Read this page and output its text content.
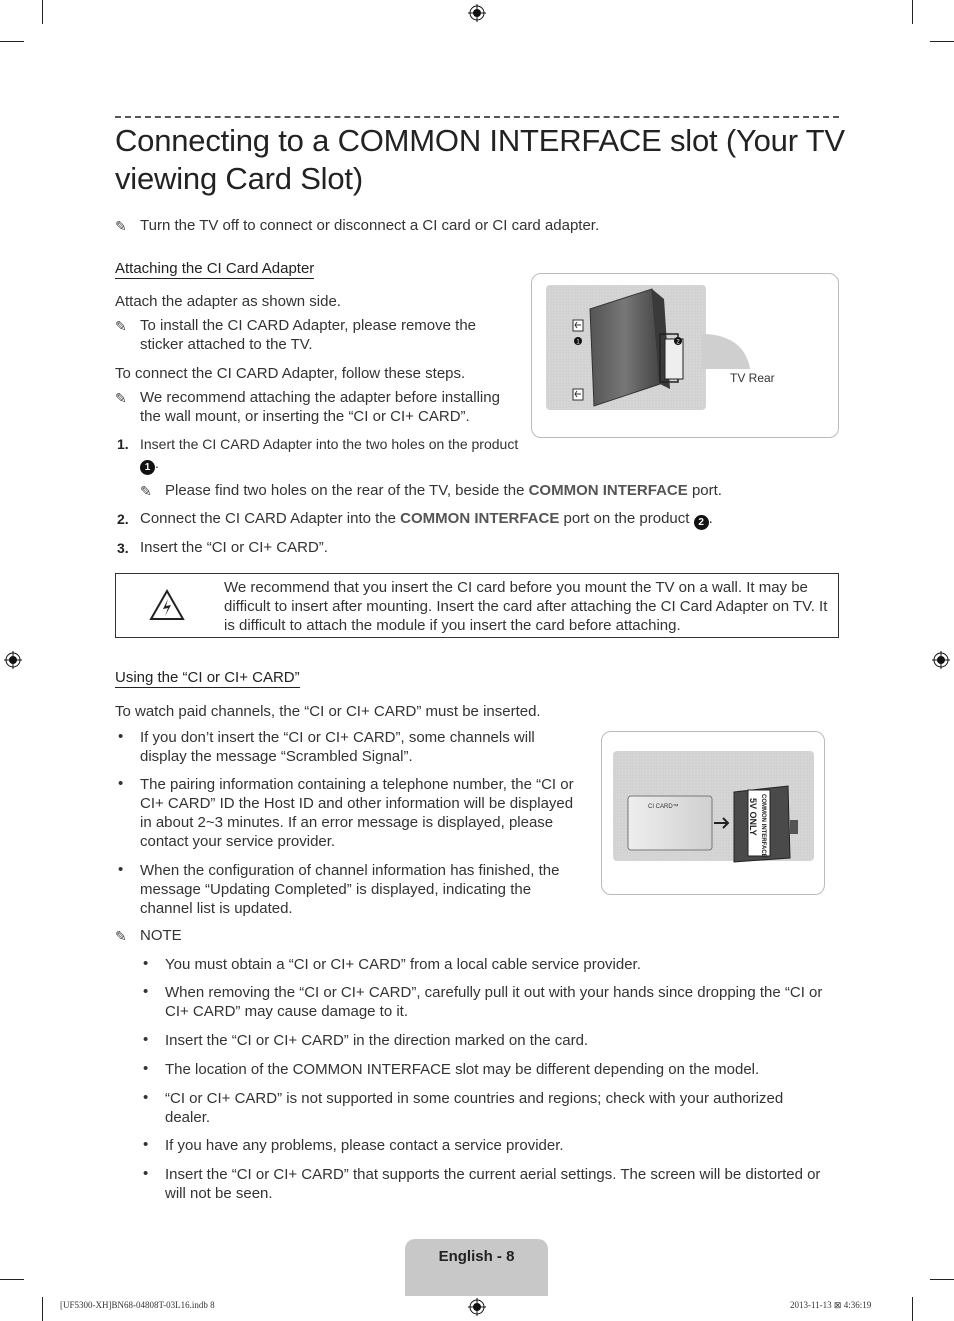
Connecting to a COMMON INTERFACE slot (Your TV viewing Card Slot)
✎ Turn the TV off to connect or disconnect a CI card or CI card adapter.
Attaching the CI Card Adapter
Attach the adapter as shown side.
✎ To install the CI CARD Adapter, please remove the sticker attached to the TV.
To connect the CI CARD Adapter, follow these steps.
✎ We recommend attaching the adapter before installing the wall mount, or inserting the “CI or CI+ CARD”.
1. Insert the CI CARD Adapter into the two holes on the product 1 .
✎ Please find two holes on the rear of the TV, beside the COMMON INTERFACE port.
2. Connect the CI CARD Adapter into the COMMON INTERFACE port on the product 2 .
3. Insert the “CI or CI+ CARD”.
1	2
TV Rear
We recommend that you insert the CI card before you mount the TV on a wall. It may be difficult to insert after mounting. Insert the card after attaching the CI Card Adapter on TV. It is difficult to attach the module if you insert the card before attaching.
Using the “CI or CI+ CARD”
To watch paid channels, the “CI or CI+ CARD” must be inserted.
• If you don’t insert the “CI or CI+ CARD”, some channels will display the message “Scrambled Signal”.
• The pairing information containing a telephone number, the “CI or CI+ CARD” ID the Host ID and other information will be displayed in about 2~3 minutes. If an error message is displayed, please contact your service provider.
• When the configuration of channel information has finished, the message “Updating Completed” is displayed, indicating the channel list is updated.
CI CARD™	COMMON INTERFACE
5V ONLY
✎ NOTE
• You must obtain a “CI or CI+ CARD” from a local cable service provider.
• When removing the “CI or CI+ CARD”, carefully pull it out with your hands since dropping the “CI or CI+ CARD” may cause damage to it.
• Insert the “CI or CI+ CARD” in the direction marked on the card.
• The location of the COMMON INTERFACE slot may be different depending on the model.
• “CI or CI+ CARD” is not supported in some countries and regions; check with your authorized dealer.
• If you have any problems, please contact a service provider.
• Insert the “CI or CI+ CARD” that supports the current aerial settings. The screen will be distorted or will not be seen.
English - 8
[UF5300-XH]BN68-04808T-03L16.indb 8	2013-11-13 ⊠ 4:36:19
